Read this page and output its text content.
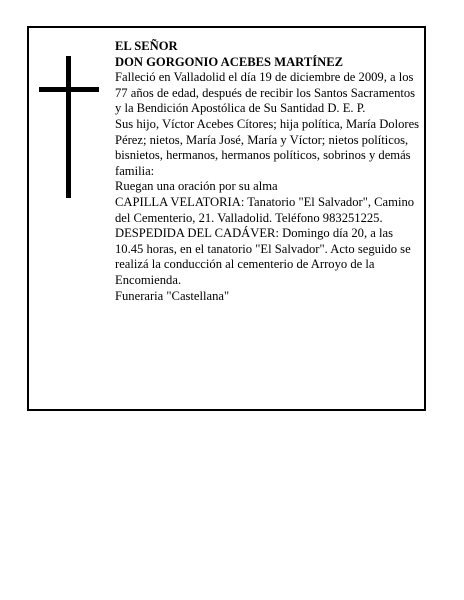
EL SEÑOR

DON GORGONIO ACEBES MARTÍNEZ

Falleció en Valladolid el día 19 de diciembre de 2009, a los 77 años de edad, después de recibir los Santos Sacramentos y la Bendición Apostólica de Su Santidad D. E. P.

Sus hijo, Víctor Acebes Cítores; hija política, María Dolores Pérez; nietos, María José, María y Víctor; nietos políticos, bisnietos, hermanos, hermanos políticos, sobrinos y demás familia:

Ruegan una oración por su alma

CAPILLA VELATORIA: Tanatorio "El Salvador", Camino del Cementerio, 21. Valladolid. Teléfono 983251225.

DESPEDIDA DEL CADÁVER: Domingo día 20, a las 10.45 horas, en el tanatorio "El Salvador". Acto seguido se realizá la conducción al cementerio de Arroyo de la Encomienda.

Funeraria "Castellana"
